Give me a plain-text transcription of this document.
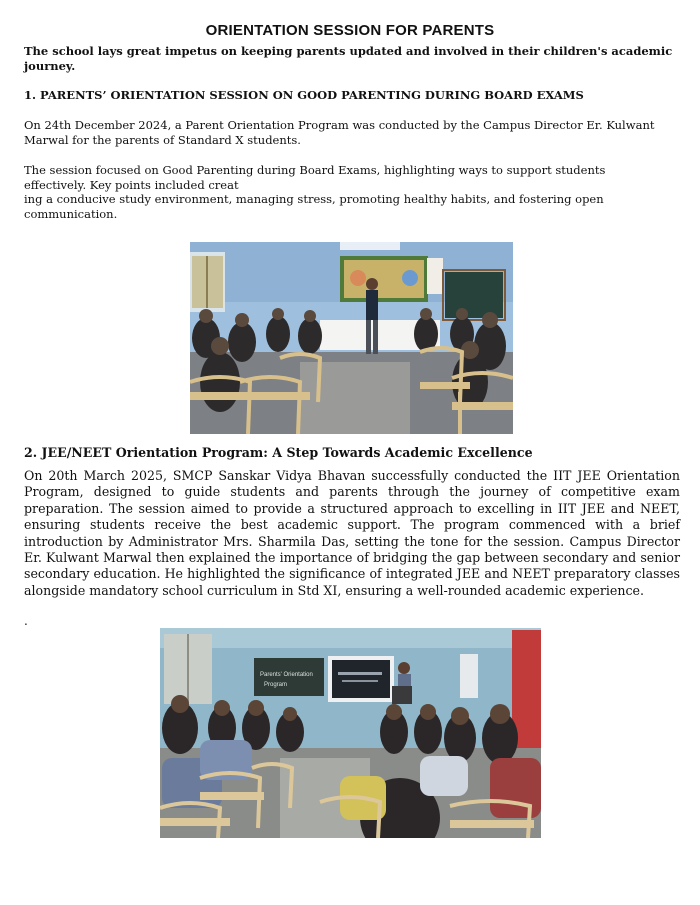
ORIENTATION SESSION FOR PARENTS
The school lays great impetus on keeping parents updated and involved in their children's academic journey.
1. PARENTS’ ORIENTATION SESSION ON GOOD PARENTING DURING BOARD EXAMS

On 24th December 2024, a Parent Orientation Program was conducted by the Campus Director Er. Kulwant Marwal for the parents of Standard X students.

The session focused on Good Parenting during Board Exams, highlighting ways to support students effectively. Key points included creat
ing a conducive study environment, managing stress, promoting healthy habits, and fostering open communication.
2. JEE/NEET Orientation Program: A Step Towards Academic Excellence

On 20th March 2025, SMCP Sanskar Vidya Bhavan successfully conducted the IIT JEE Orientation Program, designed to guide students and parents through the journey of competitive exam preparation. The session aimed to provide a structured approach to excelling in IIT JEE and NEET, ensuring students receive the best academic support. The program commenced with a brief introduction by Administrator Mrs. Sharmila Das, setting the tone for the session. Campus Director Er. Kulwant Marwal then explained the importance of bridging the gap between secondary and senior secondary education. He highlighted the significance of integrated JEE and NEET preparatory classes alongside mandatory school curriculum in Std XI, ensuring a well-rounded academic experience.

.
Parents' Orientation
Program
